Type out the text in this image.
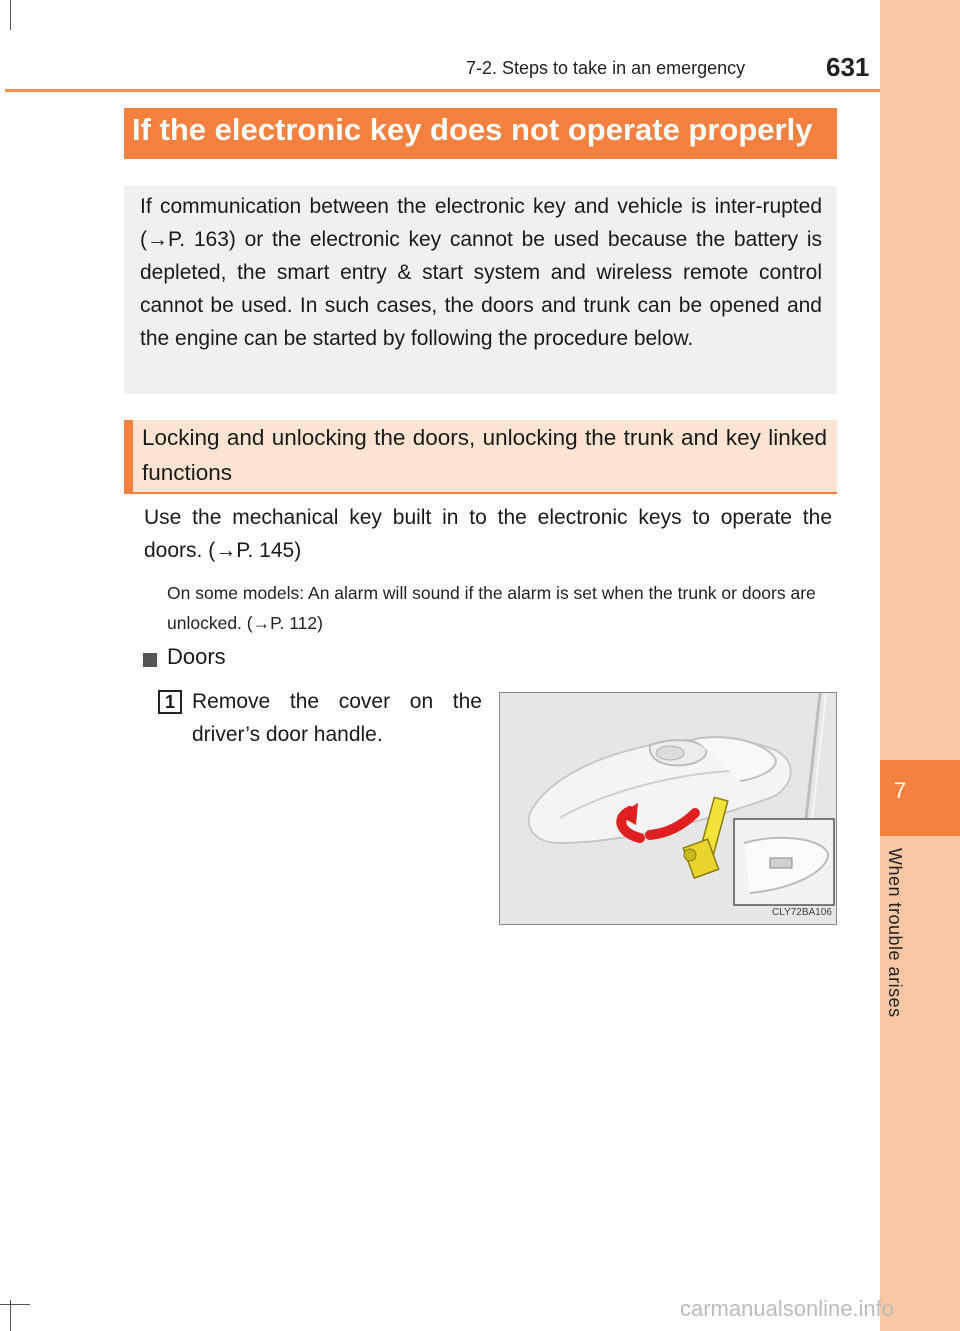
7
When trouble arises
7-2. Steps to take in an emergency	631
If the electronic key does not operate properly
If communication between the electronic key and vehicle is inter-rupted (→P. 163) or the electronic key cannot be used because the battery is depleted, the smart entry & start system and wireless remote control cannot be used. In such cases, the doors and trunk can be opened and the engine can be started by following the procedure below.
Locking and unlocking the doors, unlocking the trunk and key linked functions
Use the mechanical key built in to the electronic keys to operate the doors. (→P. 145)
On some models: An alarm will sound if the alarm is set when the trunk or doors are unlocked. (→P. 112)
Doors
1 Remove the cover on the driver’s door handle.
CLY72BA106
carmanualsonline.info
